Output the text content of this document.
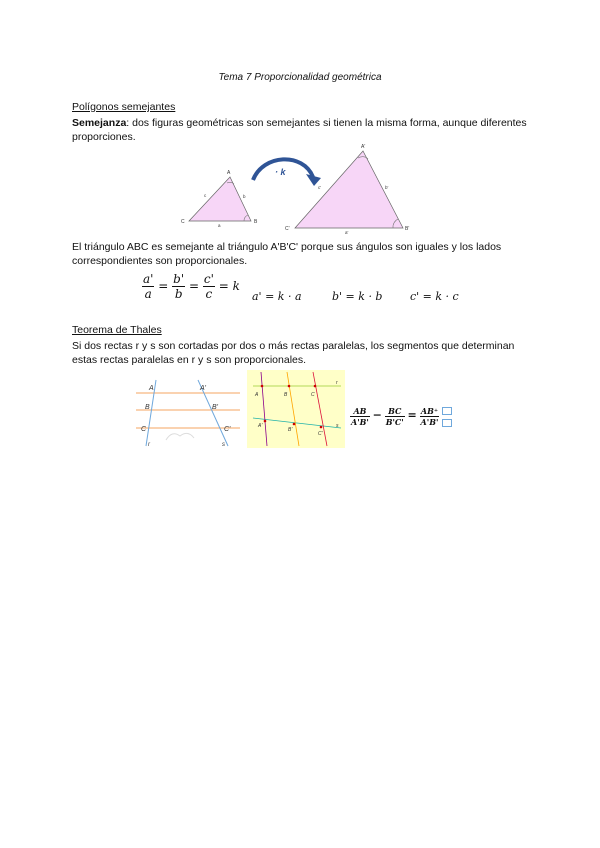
Tema 7 Proporcionalidad geométrica
Polígonos semejantes
Semejanza: dos figuras geométricas son semejantes si tienen la misma forma, aunque diferentes proporciones.
A
B
C
a
b
c
· k
A'
B'
C'
a'
b'
c'
El triángulo ABC es semejante al triángulo A'B'C' porque sus ángulos son iguales y los lados correspondientes son proporcionales.
$\frac{a'}{a} = \frac{b'}{b} = \frac{c'}{c} = k$
a' = k · a	b' = k · b	c' = k · c
Teorema de Thales
Si dos rectas r y s son cortadas por dos o más rectas paralelas, los segmentos que determinan estas rectas paralelas en r y s son proporcionales.
A	A'
B	B'
C	C'
r	s
A	B	C
A'
B'
C'
r
s $\frac{AB}{A'B'} - \frac{BC}{B'C'} = \frac{AB^+}{A'B'}$
